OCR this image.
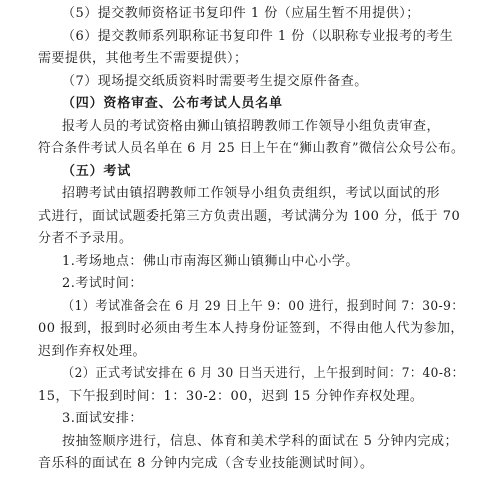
（5）提交教师资格证书复印件 1 份（应届生暂不用提供）；
（6）提交教师系列职称证书复印件 1 份（以职称专业报考的考生
需要提供，其他考生不需要提供）；
（7）现场提交纸质资料时需要考生提交原件备查。
（四）资格审查、公布考试人员名单
报考人员的考试资格由狮山镇招聘教师工作领导小组负责审查，
符合条件考试人员名单在 6 月 25 日上午在“狮山教育”微信公众号公布。
（五）考试
招聘考试由镇招聘教师工作领导小组负责组织，考试以面试的形
式进行，面试试题委托第三方负责出题，考试满分为 100 分，低于 70
分者不予录用。
1.考场地点：佛山市南海区狮山镇狮山中心小学。
2.考试时间：
（1）考试准备会在 6 月 29 日上午 9：00 进行，报到时间 7：30-9：
00 报到，报到时必须由考生本人持身份证签到，不得由他人代为参加，
迟到作弃权处理。
（2）正式考试安排在 6 月 30 日当天进行，上午报到时间：7：40-8：
15，下午报到时间：1：30-2：00，迟到 15 分钟作弃权处理。
3.面试安排：
按抽签顺序进行，信息、体育和美术学科的面试在 5 分钟内完成；
音乐科的面试在 8 分钟内完成（含专业技能测试时间）。
